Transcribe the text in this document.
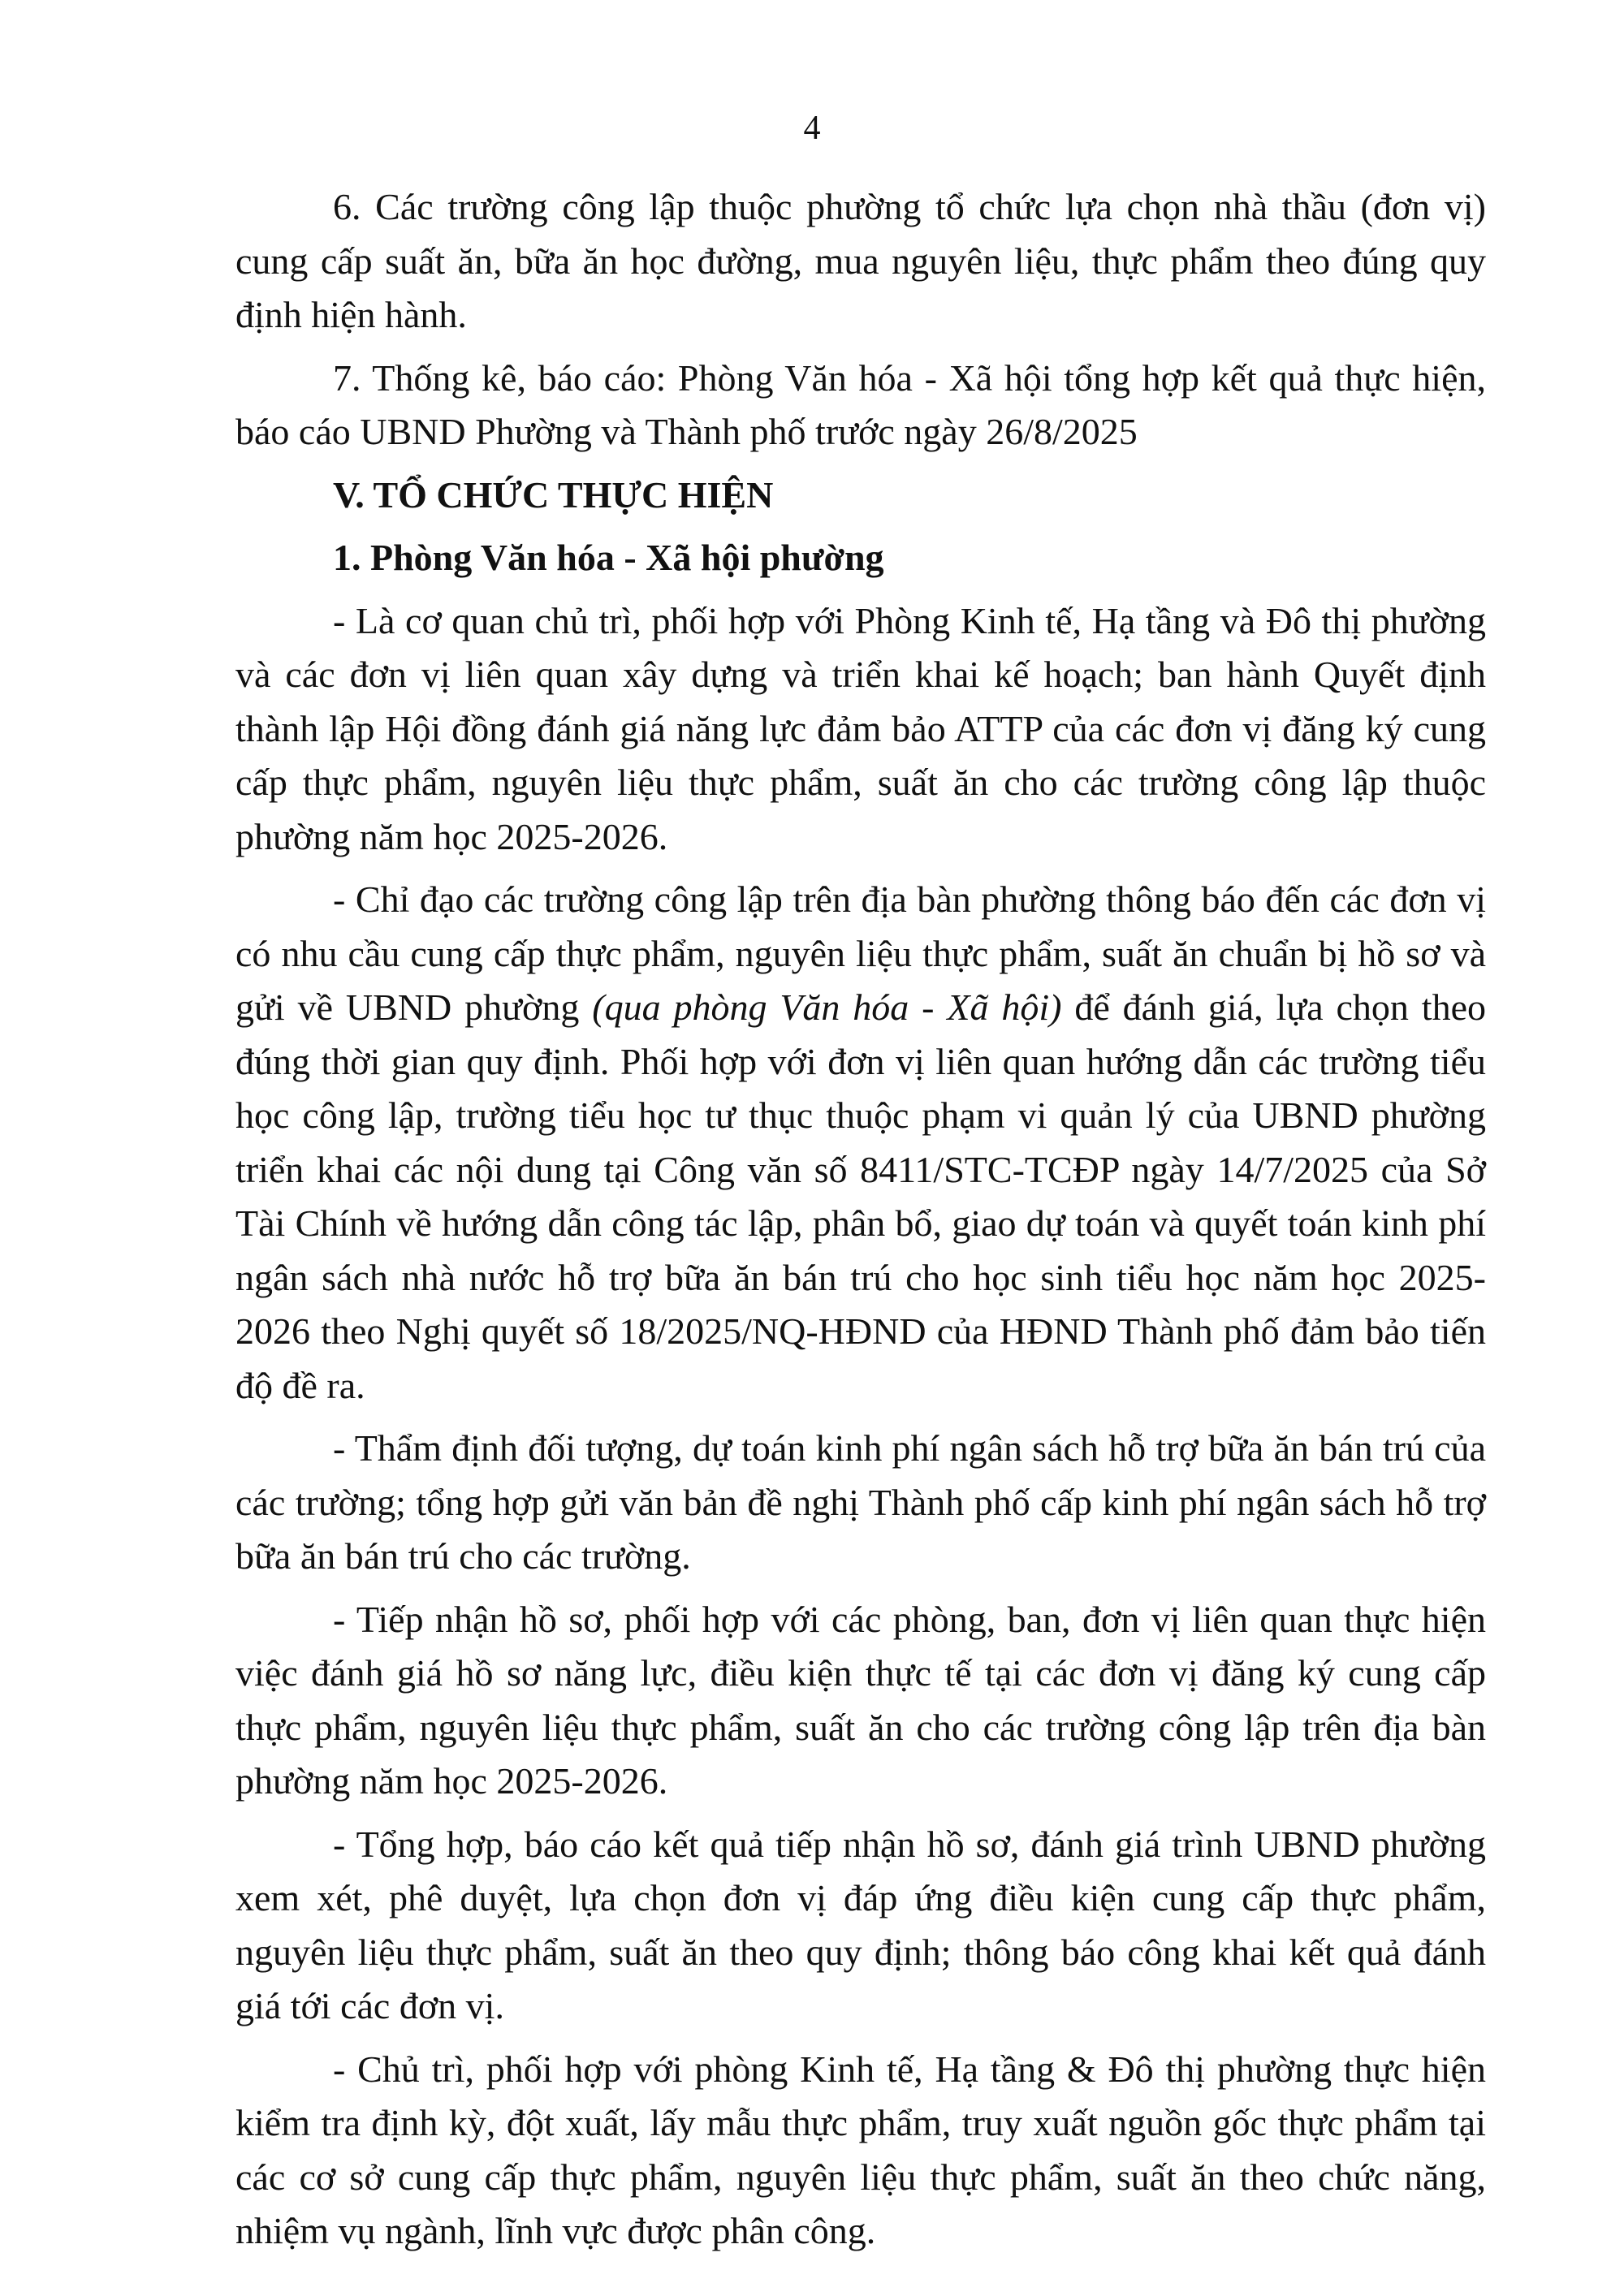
4

6. Các trường công lập thuộc phường tổ chức lựa chọn nhà thầu (đơn vị) cung cấp suất ăn, bữa ăn học đường, mua nguyên liệu, thực phẩm theo đúng quy định hiện hành.

7. Thống kê, báo cáo: Phòng Văn hóa - Xã hội tổng hợp kết quả thực hiện, báo cáo UBND Phường và Thành phố trước ngày 26/8/2025

V. TỔ CHỨC THỰC HIỆN

1. Phòng Văn hóa - Xã hội phường

- Là cơ quan chủ trì, phối hợp với Phòng Kinh tế, Hạ tầng và Đô thị phường và các đơn vị liên quan xây dựng và triển khai kế hoạch; ban hành Quyết định thành lập Hội đồng đánh giá năng lực đảm bảo ATTP của các đơn vị đăng ký cung cấp thực phẩm, nguyên liệu thực phẩm, suất ăn cho các trường công lập thuộc phường năm học 2025-2026.

- Chỉ đạo các trường công lập trên địa bàn phường thông báo đến các đơn vị có nhu cầu cung cấp thực phẩm, nguyên liệu thực phẩm, suất ăn chuẩn bị hồ sơ và gửi về UBND phường (qua phòng Văn hóa - Xã hội) để đánh giá, lựa chọn theo đúng thời gian quy định. Phối hợp với đơn vị liên quan hướng dẫn các trường tiểu học công lập, trường tiểu học tư thục thuộc phạm vi quản lý của UBND phường triển khai các nội dung tại Công văn số 8411/STC-TCĐP ngày 14/7/2025 của Sở Tài Chính về hướng dẫn công tác lập, phân bổ, giao dự toán và quyết toán kinh phí ngân sách nhà nước hỗ trợ bữa ăn bán trú cho học sinh tiểu học năm học 2025-2026 theo Nghị quyết số 18/2025/NQ-HĐND của HĐND Thành phố đảm bảo tiến độ đề ra.

- Thẩm định đối tượng, dự toán kinh phí ngân sách hỗ trợ bữa ăn bán trú của các trường; tổng hợp gửi văn bản đề nghị Thành phố cấp kinh phí ngân sách hỗ trợ bữa ăn bán trú cho các trường.

- Tiếp nhận hồ sơ, phối hợp với các phòng, ban, đơn vị liên quan thực hiện việc đánh giá hồ sơ năng lực, điều kiện thực tế tại các đơn vị đăng ký cung cấp thực phẩm, nguyên liệu thực phẩm, suất ăn cho các trường công lập trên địa bàn phường năm học 2025-2026.

- Tổng hợp, báo cáo kết quả tiếp nhận hồ sơ, đánh giá trình UBND phường xem xét, phê duyệt, lựa chọn đơn vị đáp ứng điều kiện cung cấp thực phẩm, nguyên liệu thực phẩm, suất ăn theo quy định; thông báo công khai kết quả đánh giá tới các đơn vị.

- Chủ trì, phối hợp với phòng Kinh tế, Hạ tầng & Đô thị phường thực hiện kiểm tra định kỳ, đột xuất, lấy mẫu thực phẩm, truy xuất nguồn gốc thực phẩm tại các cơ sở cung cấp thực phẩm, nguyên liệu thực phẩm, suất ăn theo chức năng, nhiệm vụ ngành, lĩnh vực được phân công.
